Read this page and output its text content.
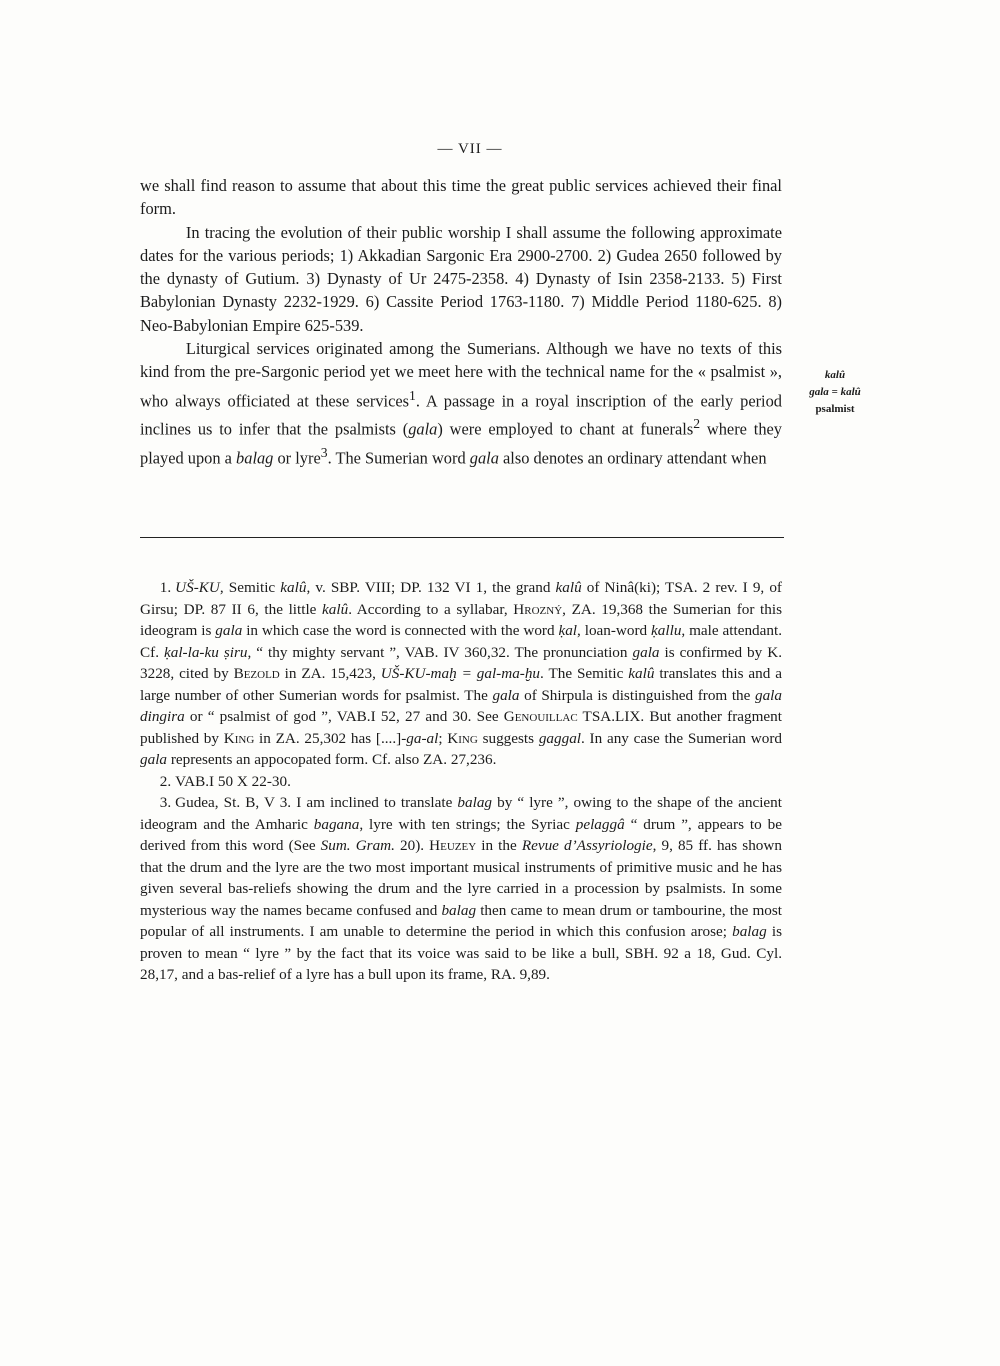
— VII —

we shall find reason to assume that about this time the great public services achieved their final form.

In tracing the evolution of their public worship I shall assume the following approximate dates for the various periods; 1) Akkadian Sargonic Era 2900-2700. 2) Gudea 2650 followed by the dynasty of Gutium. 3) Dynasty of Ur 2475-2358. 4) Dynasty of Isin 2358-2133. 5) First Babylonian Dynasty 2232-1929. 6) Cassite Period 1763-1180. 7) Middle Period 1180-625. 8) Neo-Babylonian Empire 625-539.

Liturgical services originated among the Sumerians. Although we have no texts of this kind from the pre-Sargonic period yet we meet here with the technical name for the « psalmist », who always officiated at these services$^1$. A passage in a royal inscription of the early period inclines us to infer that the psalmists (gala) were employed to chant at funerals$^2$ where they played upon a balag or lyre$^3$. The Sumerian word gala also denotes an ordinary attendant when

kalû
gala = kalû
psalmist

1. UŠ-KU, Semitic kalû, v. SBP. VIII; DP. 132 VI 1, the grand kalû of Ninâ(ki); TSA. 2 rev. I 9, of Girsu; DP. 87 II 6, the little kalû. According to a syllabar, Hrozný, ZA. 19,368 the Sumerian for this ideogram is gala in which case the word is connected with the word ḳal, loan-word ḳallu, male attendant. Cf. ḳal-la-ku ṣiru, “ thy mighty servant ”, VAB. IV 360,32. The pronunciation gala is confirmed by K. 3228, cited by Bezold in ZA. 15,423, UŠ-KU-maḫ = gal-ma-ḫu. The Semitic kalû translates this and a large number of other Sumerian words for psalmist. The gala of Shirpula is distinguished from the gala dingira or “ psalmist of god ”, VAB.I 52, 27 and 30. See Genouillac TSA.LIX. But another fragment published by King in ZA. 25,302 has [....]-ga-al; King suggests gaggal. In any case the Sumerian word gala represents an appocopated form. Cf. also ZA. 27,236.

2. VAB.I 50 X 22-30.

3. Gudea, St. B, V 3. I am inclined to translate balag by “ lyre ”, owing to the shape of the ancient ideogram and the Amharic bagana, lyre with ten strings; the Syriac pelaggâ “ drum ”, appears to be derived from this word (See Sum. Gram. 20). Heuzey in the Revue d’Assyriologie, 9, 85 ff. has shown that the drum and the lyre are the two most important musical instruments of primitive music and he has given several bas-reliefs showing the drum and the lyre carried in a procession by psalmists. In some mysterious way the names became confused and balag then came to mean drum or tambourine, the most popular of all instruments. I am unable to determine the period in which this confusion arose; balag is proven to mean “ lyre ” by the fact that its voice was said to be like a bull, SBH. 92 a 18, Gud. Cyl. 28,17, and a bas-relief of a lyre has a bull upon its frame, RA. 9,89.
